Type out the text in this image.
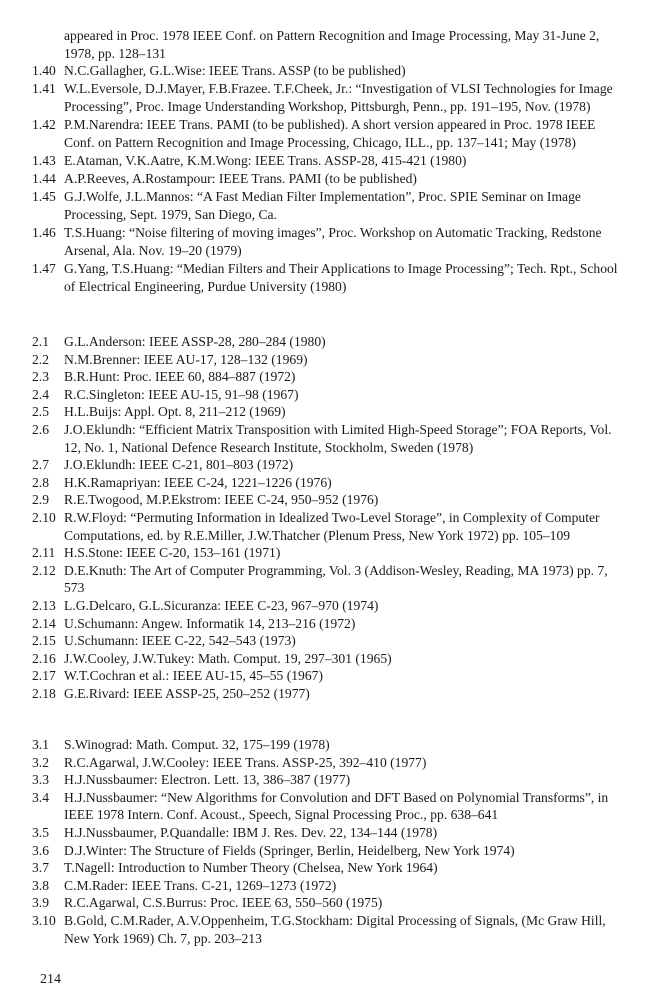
appeared in Proc. 1978 IEEE Conf. on Pattern Recognition and Image Processing, May 31-June 2, 1978, pp. 128–131

1.40 N.C.Gallagher, G.L.Wise: IEEE Trans. ASSP (to be published)

1.41 W.L.Eversole, D.J.Mayer, F.B.Frazee. T.F.Cheek, Jr.: “Investigation of VLSI Technologies for Image Processing”, Proc. Image Understanding Workshop, Pittsburgh, Penn., pp. 191–195, Nov. (1978)

1.42 P.M.Narendra: IEEE Trans. PAMI (to be published). A short version appeared in Proc. 1978 IEEE Conf. on Pattern Recognition and Image Processing, Chicago, ILL., pp. 137–141; May (1978)

1.43 E.Ataman, V.K.Aatre, K.M.Wong: IEEE Trans. ASSP-28, 415-421 (1980)

1.44 A.P.Reeves, A.Rostampour: IEEE Trans. PAMI (to be published)

1.45 G.J.Wolfe, J.L.Mannos: “A Fast Median Filter Implementation”, Proc. SPIE Seminar on Image Processing, Sept. 1979, San Diego, Ca.

1.46 T.S.Huang: “Noise filtering of moving images”, Proc. Workshop on Automatic Tracking, Redstone Arsenal, Ala. Nov. 19–20 (1979)

1.47 G.Yang, T.S.Huang: “Median Filters and Their Applications to Image Processing”; Tech. Rpt., School of Electrical Engineering, Purdue University (1980)

2.1	G.L.Anderson: IEEE ASSP-28, 280–284 (1980)

2.2	N.M.Brenner: IEEE AU-17, 128–132 (1969)

2.3	B.R.Hunt: Proc. IEEE 60, 884–887 (1972)

2.4	R.C.Singleton: IEEE AU-15, 91–98 (1967)

2.5	H.L.Buijs: Appl. Opt. 8, 211–212 (1969)

2.6	J.O.Eklundh: “Efficient Matrix Transposition with Limited High-Speed Storage”; FOA Reports, Vol. 12, No. 1, National Defence Research Institute, Stockholm, Sweden (1978)

2.7	J.O.Eklundh: IEEE C-21, 801–803 (1972)

2.8	H.K.Ramapriyan: IEEE C-24, 1221–1226 (1976)

2.9	R.E.Twogood, M.P.Ekstrom: IEEE C-24, 950–952 (1976)

2.10 R.W.Floyd: “Permuting Information in Idealized Two-Level Storage”, in Complexity of Computer Computations, ed. by R.E.Miller, J.W.Thatcher (Plenum Press, New York 1972) pp. 105–109

2.11 H.S.Stone: IEEE C-20, 153–161 (1971)

2.12 D.E.Knuth: The Art of Computer Programming, Vol. 3 (Addison-Wesley, Reading, MA 1973) pp. 7, 573

2.13 L.G.Delcaro, G.L.Sicuranza: IEEE C-23, 967–970 (1974)

2.14 U.Schumann: Angew. Informatik 14, 213–216 (1972)

2.15 U.Schumann: IEEE C-22, 542–543 (1973)

2.16 J.W.Cooley, J.W.Tukey: Math. Comput. 19, 297–301 (1965)

2.17 W.T.Cochran et al.: IEEE AU-15, 45–55 (1967)

2.18 G.E.Rivard: IEEE ASSP-25, 250–252 (1977)

3.1	S.Winograd: Math. Comput. 32, 175–199 (1978)

3.2	R.C.Agarwal, J.W.Cooley: IEEE Trans. ASSP-25, 392–410 (1977)

3.3	H.J.Nussbaumer: Electron. Lett. 13, 386–387 (1977)

3.4	H.J.Nussbaumer: “New Algorithms for Convolution and DFT Based on Polynomial Transforms”, in IEEE 1978 Intern. Conf. Acoust., Speech, Signal Processing Proc., pp. 638–641

3.5	H.J.Nussbaumer, P.Quandalle: IBM J. Res. Dev. 22, 134–144 (1978)

3.6	D.J.Winter: The Structure of Fields (Springer, Berlin, Heidelberg, New York 1974)

3.7	T.Nagell: Introduction to Number Theory (Chelsea, New York 1964)

3.8	C.M.Rader: IEEE Trans. C-21, 1269–1273 (1972)

3.9	R.C.Agarwal, C.S.Burrus: Proc. IEEE 63, 550–560 (1975)

3.10 B.Gold, C.M.Rader, A.V.Oppenheim, T.G.Stockham: Digital Processing of Signals, (Mc Graw Hill, New York 1969) Ch. 7, pp. 203–213

214
